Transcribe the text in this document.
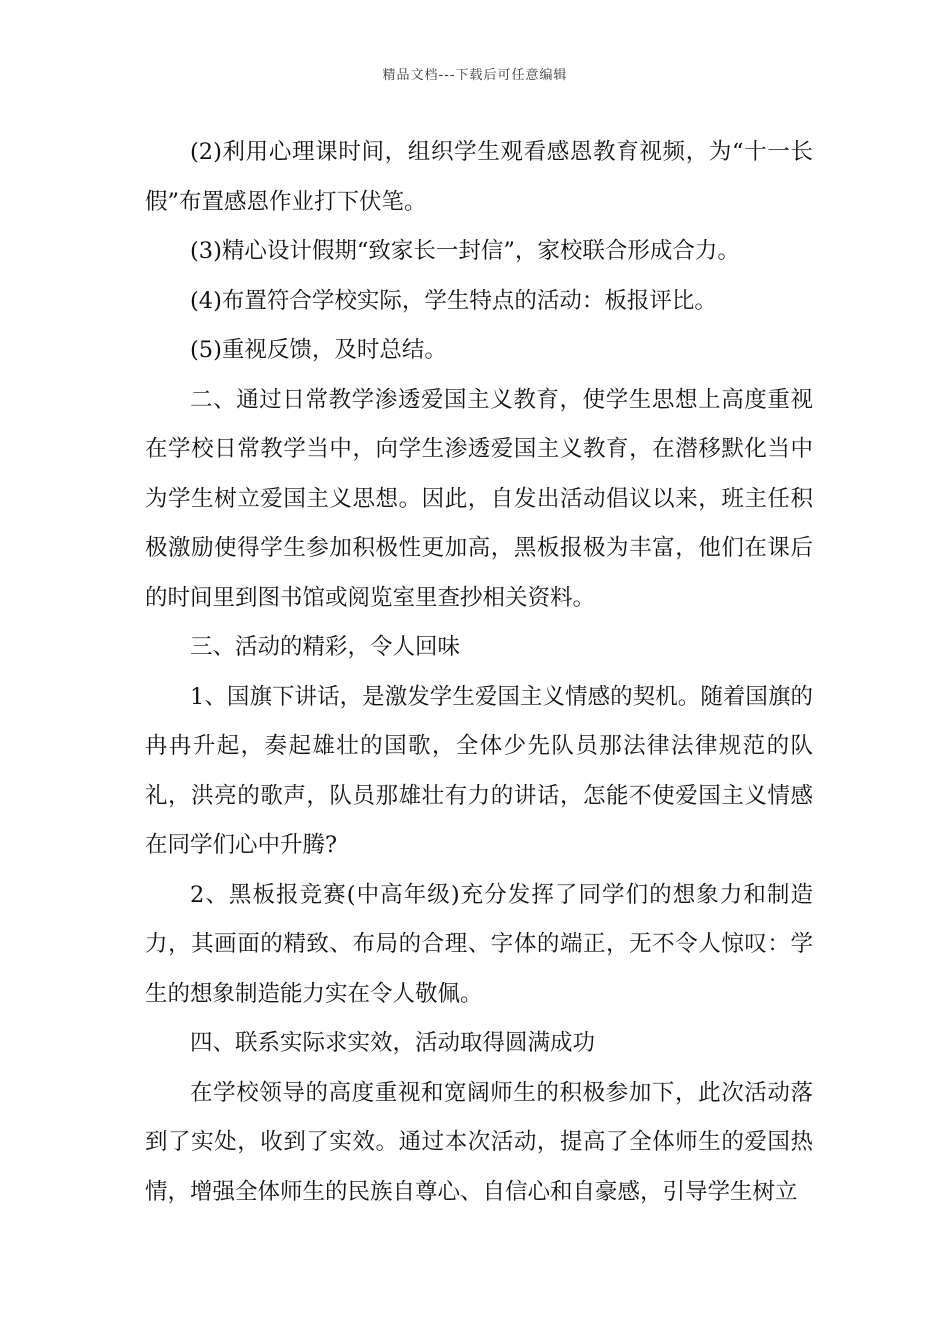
精品文档---下载后可任意编辑

(2)利用心理课时间，组织学生观看感恩教育视频，为“十一长假”布置感恩作业打下伏笔。

(3)精心设计假期“致家长一封信”，家校联合形成合力。

(4)布置符合学校实际，学生特点的活动：板报评比。

(5)重视反馈，及时总结。

二、通过日常教学渗透爱国主义教育，使学生思想上高度重视在学校日常教学当中，向学生渗透爱国主义教育，在潜移默化当中为学生树立爱国主义思想。因此，自发出活动倡议以来，班主任积极激励使得学生参加积极性更加高，黑板报极为丰富，他们在课后的时间里到图书馆或阅览室里查抄相关资料。

三、活动的精彩，令人回味

1、国旗下讲话，是激发学生爱国主义情感的契机。随着国旗的冉冉升起，奏起雄壮的国歌，全体少先队员那法律法律规范的队礼，洪亮的歌声，队员那雄壮有力的讲话，怎能不使爱国主义情感在同学们心中升腾?

2、黑板报竞赛(中高年级)充分发挥了同学们的想象力和制造力，其画面的精致、布局的合理、字体的端正，无不令人惊叹：学生的想象制造能力实在令人敬佩。

四、联系实际求实效，活动取得圆满成功

在学校领导的高度重视和宽阔师生的积极参加下，此次活动落到了实处，收到了实效。通过本次活动，提高了全体师生的爱国热情，增强全体师生的民族自尊心、自信心和自豪感，引导学生树立
